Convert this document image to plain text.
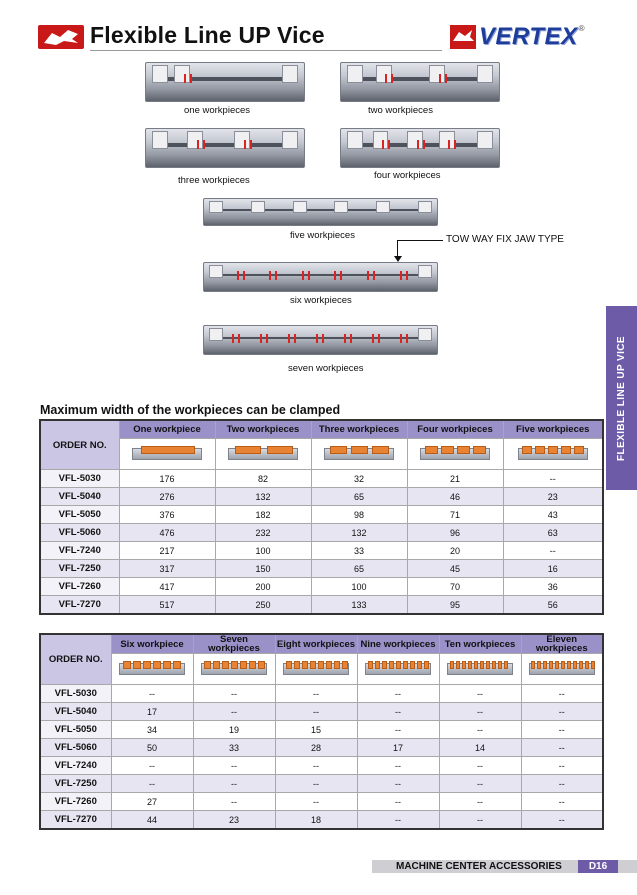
Flexible Line UP Vice	VERTEX ®
one workpieces	two workpieces
three workpieces	four workpieces
five workpieces	TOW WAY FIX JAW TYPE
six workpieces
seven workpieces	FLEXIBLE LINE UP VICE
Maximum width of the workpieces can be clamped
ORDER NO.	One workpiece	Two workpieces	Three workpieces	Four workpieces	Five workpieces

VFL-5030	176	82	32	21	--
VFL-5040	276	132	65	46	23
VFL-5050	376	182	98	71	43
VFL-5060	476	232	132	96	63
VFL-7240	217	100	33	20	--
VFL-7250	317	150	65	45	16
VFL-7260	417	200	100	70	36
VFL-7270	517	250	133	95	56
ORDER NO.	Six workpiece	Seven workpieces	Eight workpieces	Nine workpieces	Ten workpieces	Eleven workpieces

VFL-5030	--	--	--	--	--	--
VFL-5040	17	--	--	--	--	--
VFL-5050	34	19	15	--	--	--
VFL-5060	50	33	28	17	14	--
VFL-7240	--	--	--	--	--	--
VFL-7250	--	--	--	--	--	--
VFL-7260	27	--	--	--	--	--
VFL-7270	44	23	18	--	--	--
MACHINE CENTER ACCESSORIES	D16
